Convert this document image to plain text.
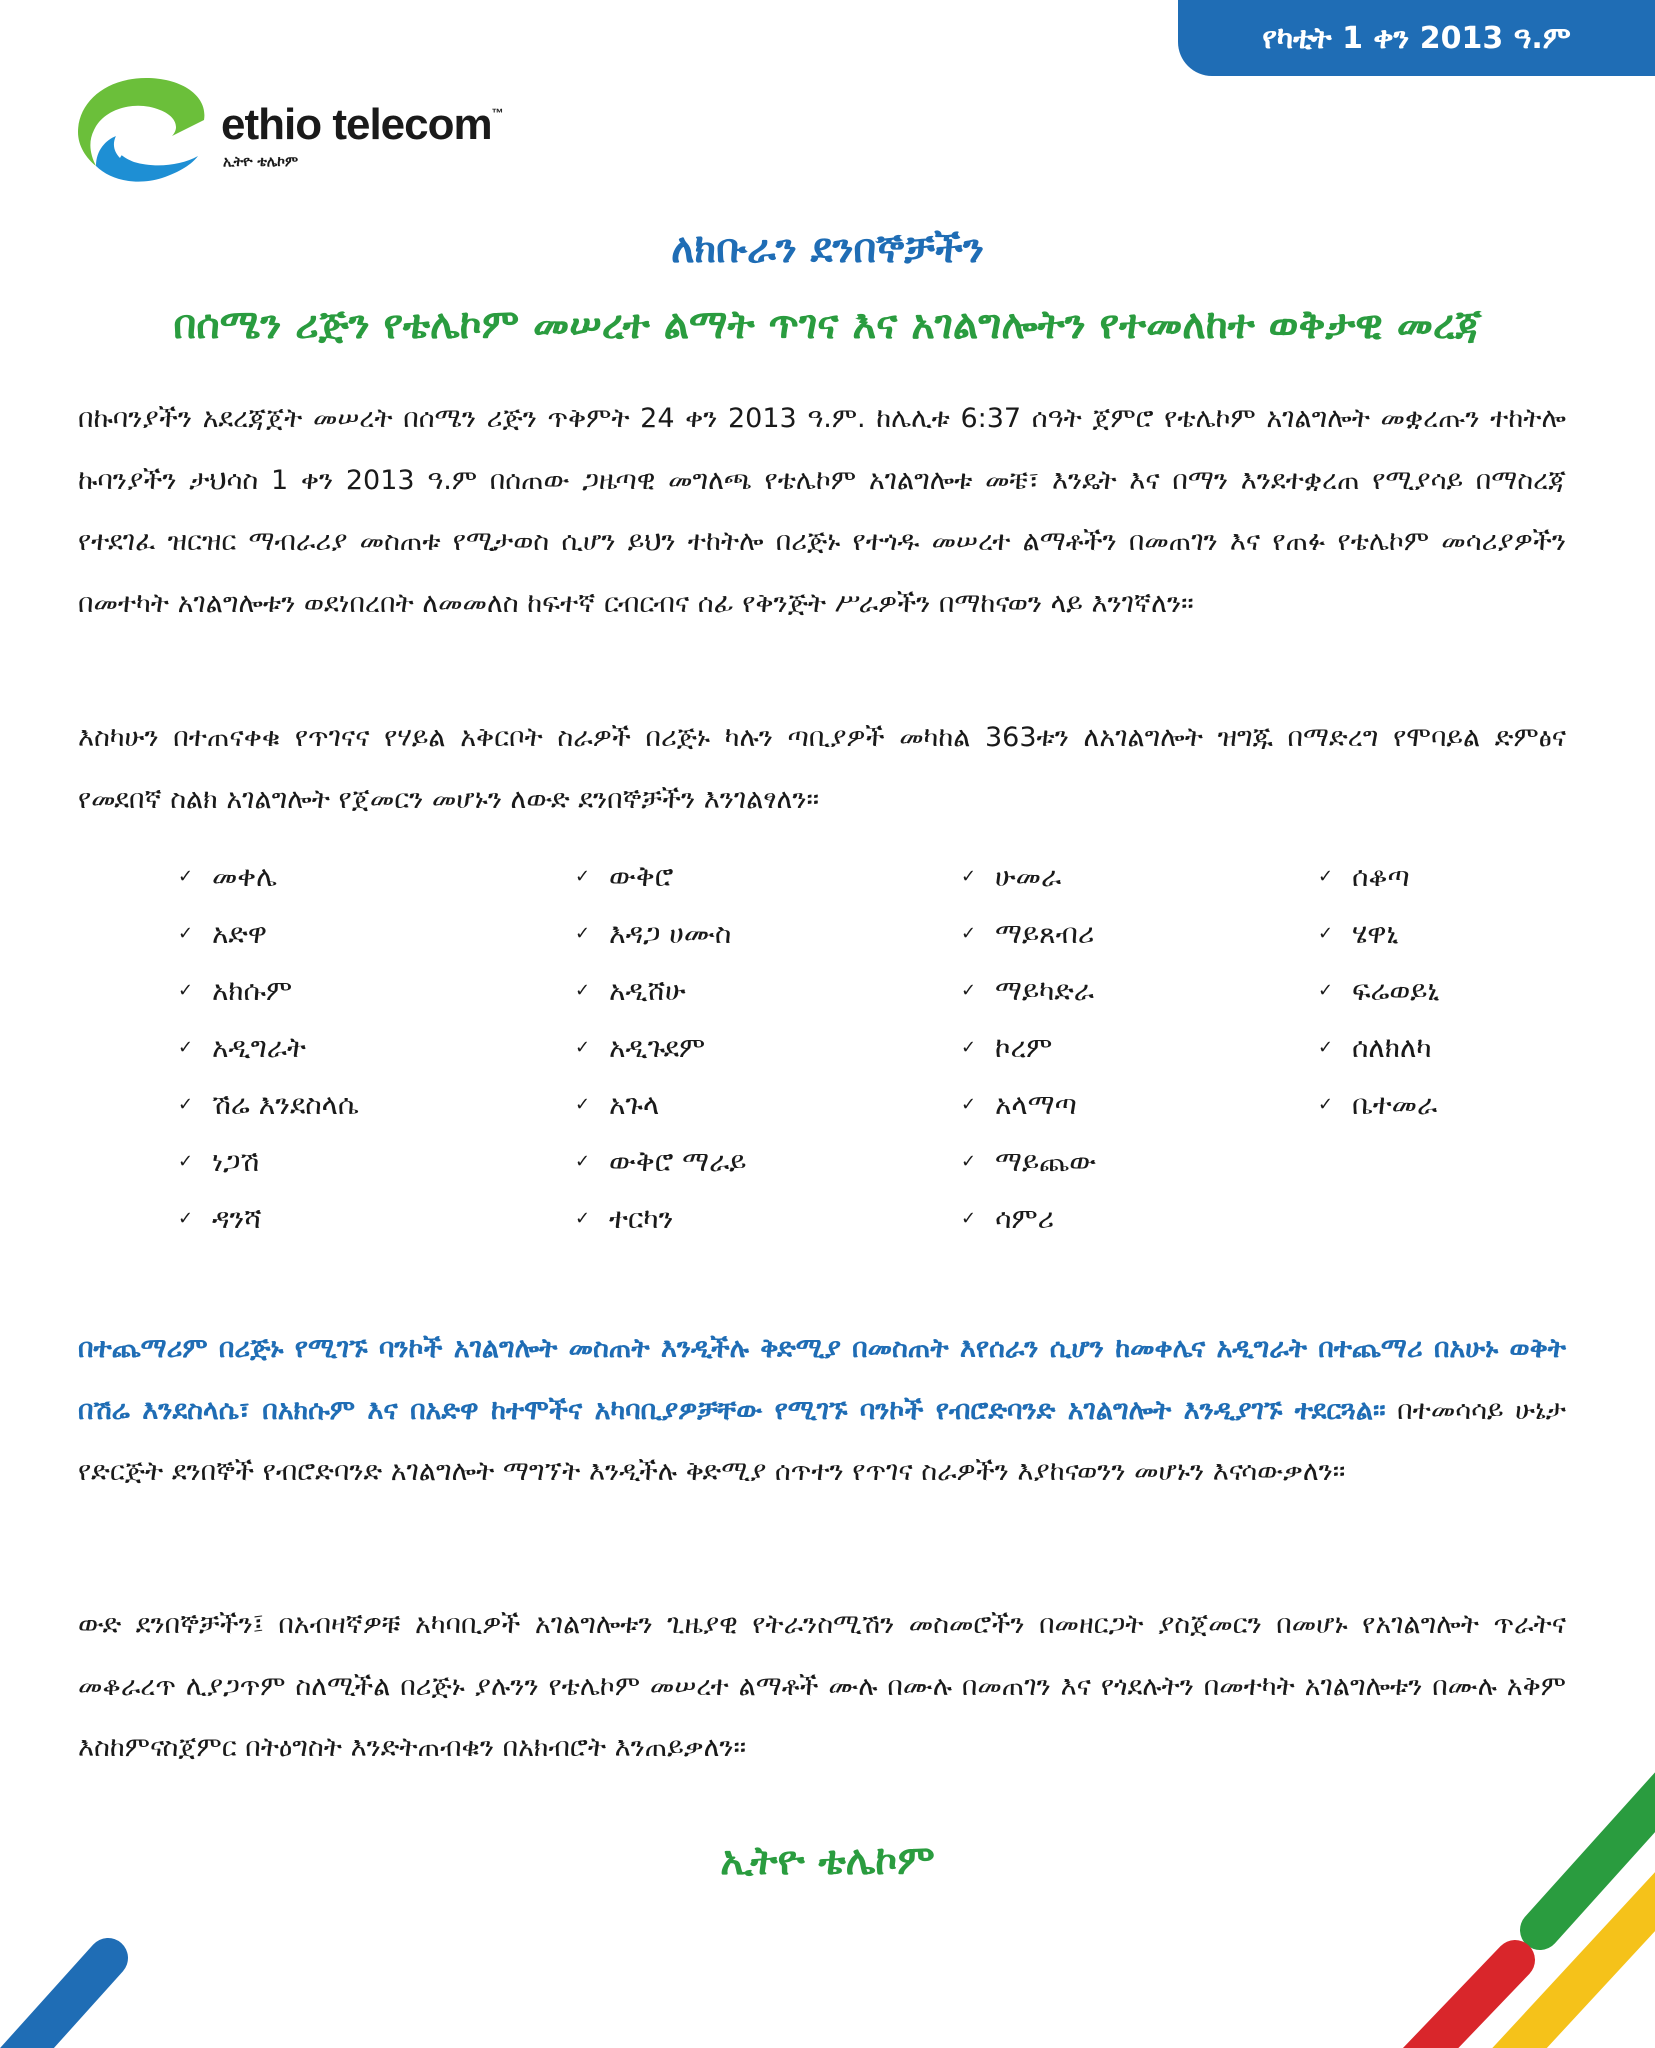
የካቲት 1 ቀን 2013 ዓ.ም
ethio telecom™
ኢትዮ ቴሌኮም
ለክቡራን ደንበኞቻችን
በሰሜን ሪጅን የቴሌኮም መሠረተ ልማት ጥገና እና አገልግሎትን የተመለከተ ወቅታዊ መረጃ

በኩባንያችን አደረጃጀት መሠረት በሰሜን ሪጅን ጥቅምት 24 ቀን 2013 ዓ.ም. ከሌሊቱ 6:37 ሰዓት ጀምሮ የቴሌኮም አገልግሎት መቋረጡን ተከትሎ ኩባንያችን ታህሳስ 1 ቀን 2013 ዓ.ም በሰጠው ጋዜጣዊ መግለጫ የቴሌኮም አገልግሎቱ መቼ፣ እንዴት እና በማን እንደተቋረጠ የሚያሳይ በማስረጃ የተደገፈ ዝርዝር ማብራሪያ መስጠቱ የሚታወስ ሲሆን ይህን ተከትሎ በሪጅኑ የተጎዱ መሠረተ ልማቶችን በመጠገን እና የጠፉ የቴሌኮም መሳሪያዎችን በመተካት አገልግሎቱን ወደነበረበት ለመመለስ ከፍተኛ ርብርብና ሰፊ የቅንጅት ሥራዎችን በማከናወን ላይ እንገኛለን።

እስካሁን በተጠናቀቁ የጥገናና የሃይል አቅርቦት ስራዎች በሪጅኑ ካሉን ጣቢያዎች መካከል 363ቱን ለአገልግሎት ዝግጁ በማድረግ የሞባይል ድምፅና የመደበኛ ስልክ አገልግሎት የጀመርን መሆኑን ለውድ ደንበኞቻችን እንገልፃለን።

✓ መቀሌ
✓ አድዋ
✓ አክሱም
✓ አዲግራት
✓ ሽሬ እንደስላሴ
✓ ነጋሽ
✓ ዳንሻ
✓ ውቅሮ
✓ እዳጋ ሀሙስ
✓ አዲሸሁ
✓ አዲጉደም
✓ አጉላ
✓ ውቅሮ ማራይ
✓ ተርካን
✓ ሁመራ
✓ ማይጸብሪ
✓ ማይካድራ
✓ ኮረም
✓ አላማጣ
✓ ማይጨው
✓ ሳምሪ
✓ ሰቆጣ
✓ ሄዋኒ
✓ ፍሬወይኒ
✓ ሰለክለካ
✓ ቤተመራ

በተጨማሪም በሪጅኑ የሚገኙ ባንኮች አገልግሎት መስጠት እንዲችሉ ቅድሚያ በመስጠት እየሰራን ሲሆን ከመቀሌና አዲግራት በተጨማሪ በአሁኑ ወቅት በሽሬ እንደስላሴ፣ በአክሱም እና በአድዋ ከተሞችና አካባቢያዎቻቸው የሚገኙ ባንኮች የብሮድባንድ አገልግሎት እንዲያገኙ ተደርጓል። በተመሳሳይ ሁኔታ የድርጅት ደንበኞች የብሮድባንድ አገልግሎት ማግኘት እንዲችሉ ቅድሚያ ሰጥተን የጥገና ስራዎችን እያከናወንን መሆኑን እናሳውቃለን።

ውድ ደንበኞቻችን፤ በአብዛኛዎቹ አካባቢዎች አገልግሎቱን ጊዜያዊ የትራንስሚሽን መስመሮችን በመዘርጋት ያስጀመርን በመሆኑ የአገልግሎት ጥራትና መቆራረጥ ሊያጋጥም ስለሚችል በሪጅኑ ያሉንን የቴሌኮም መሠረተ ልማቶች ሙሉ በሙሉ በመጠገን እና የጎደሉትን በመተካት አገልግሎቱን በሙሉ አቅም እስከምናስጀምር በትዕግስት እንድትጠብቁን በአክብሮት እንጠይቃለን።

ኢትዮ ቴሌኮም
